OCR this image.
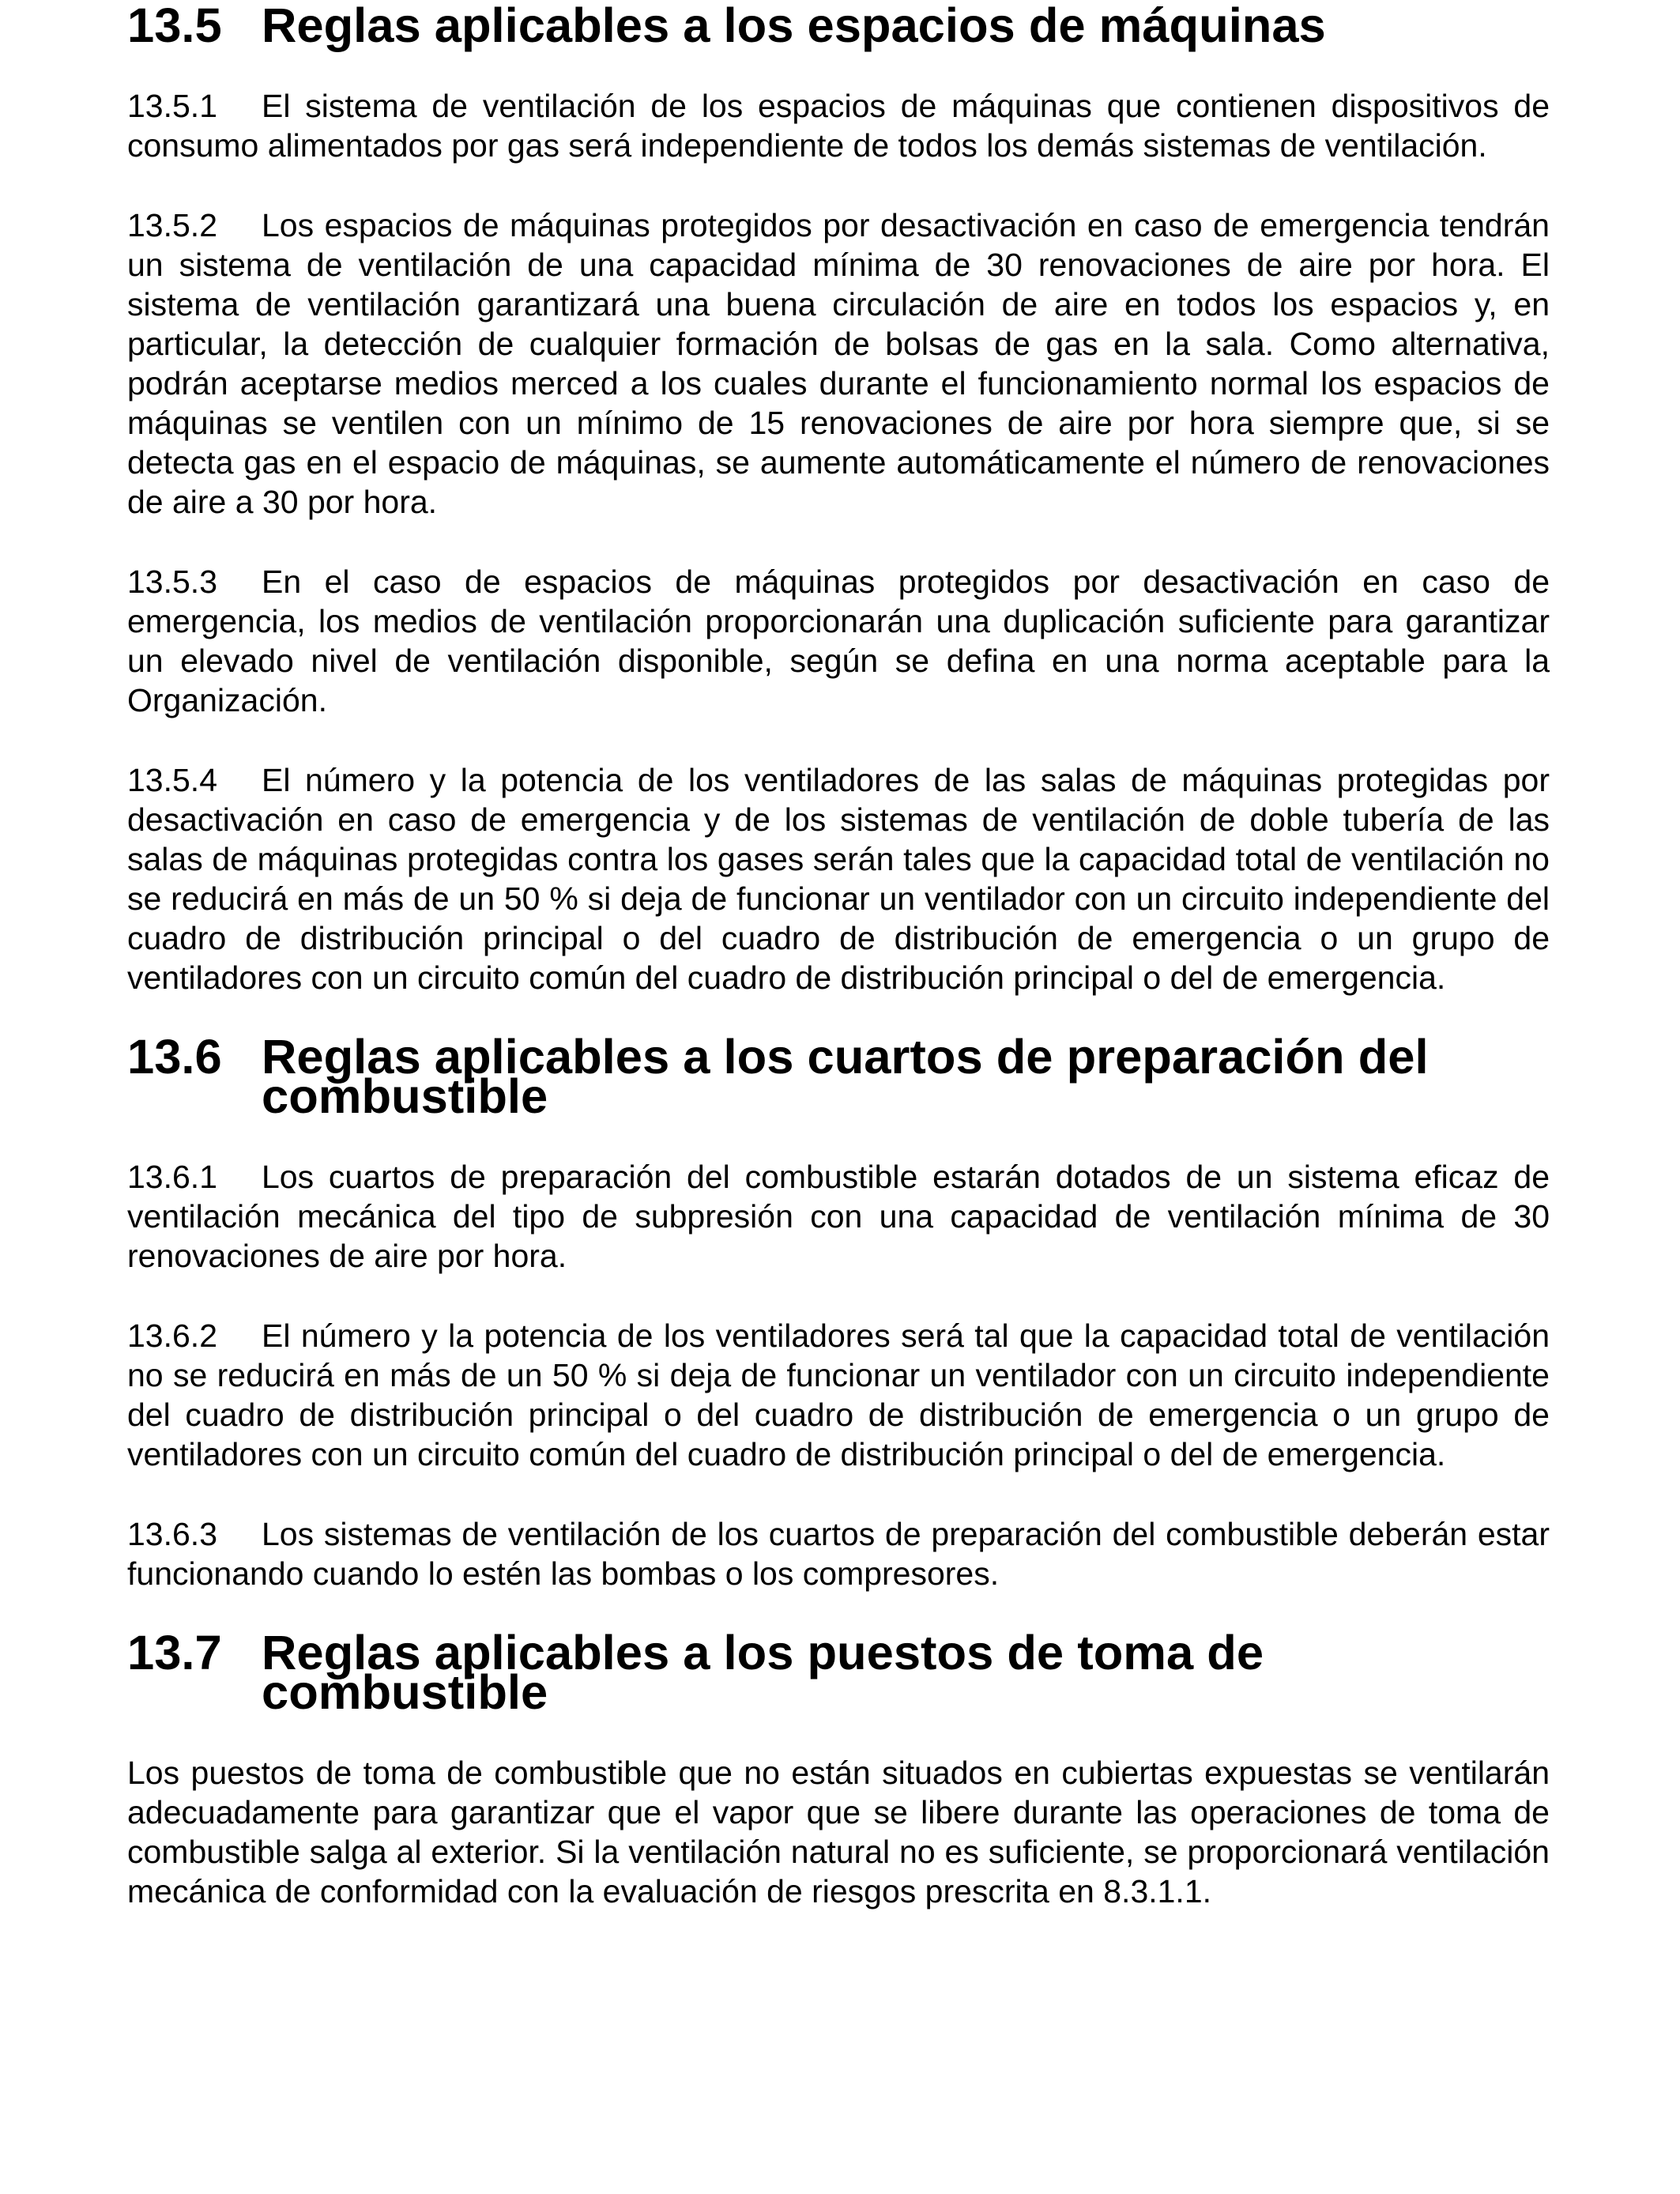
13.5 Reglas aplicables a los espacios de máquinas

13.5.1 El sistema de ventilación de los espacios de máquinas que contienen dispositivos de consumo alimentados por gas será independiente de todos los demás sistemas de ventilación.

13.5.2 Los espacios de máquinas protegidos por desactivación en caso de emergencia tendrán un sistema de ventilación de una capacidad mínima de 30 renovaciones de aire por hora. El sistema de ventilación garantizará una buena circulación de aire en todos los espacios y, en particular, la detección de cualquier formación de bolsas de gas en la sala. Como alternativa, podrán aceptarse medios merced a los cuales durante el funcionamiento normal los espacios de máquinas se ventilen con un mínimo de 15 renovaciones de aire por hora siempre que, si se detecta gas en el espacio de máquinas, se aumente automáticamente el número de renovaciones de aire a 30 por hora.

13.5.3 En el caso de espacios de máquinas protegidos por desactivación en caso de emergencia, los medios de ventilación proporcionarán una duplicación suficiente para garantizar un elevado nivel de ventilación disponible, según se defina en una norma aceptable para la Organización.

13.5.4 El número y la potencia de los ventiladores de las salas de máquinas protegidas por desactivación en caso de emergencia y de los sistemas de ventilación de doble tubería de las salas de máquinas protegidas contra los gases serán tales que la capacidad total de ventilación no se reducirá en más de un 50 % si deja de funcionar un ventilador con un circuito independiente del cuadro de distribución principal o del cuadro de distribución de emergencia o un grupo de ventiladores con un circuito común del cuadro de distribución principal o del de emergencia.

13.6 Reglas aplicables a los cuartos de preparación del combustible

13.6.1 Los cuartos de preparación del combustible estarán dotados de un sistema eficaz de ventilación mecánica del tipo de subpresión con una capacidad de ventilación mínima de 30 renovaciones de aire por hora.

13.6.2 El número y la potencia de los ventiladores será tal que la capacidad total de ventilación no se reducirá en más de un 50 % si deja de funcionar un ventilador con un circuito independiente del cuadro de distribución principal o del cuadro de distribución de emergencia o un grupo de ventiladores con un circuito común del cuadro de distribución principal o del de emergencia.

13.6.3 Los sistemas de ventilación de los cuartos de preparación del combustible deberán estar funcionando cuando lo estén las bombas o los compresores.

13.7 Reglas aplicables a los puestos de toma de combustible

Los puestos de toma de combustible que no están situados en cubiertas expuestas se ventilarán adecuadamente para garantizar que el vapor que se libere durante las operaciones de toma de combustible salga al exterior. Si la ventilación natural no es suficiente, se proporcionará ventilación mecánica de conformidad con la evaluación de riesgos prescrita en 8.3.1.1.
